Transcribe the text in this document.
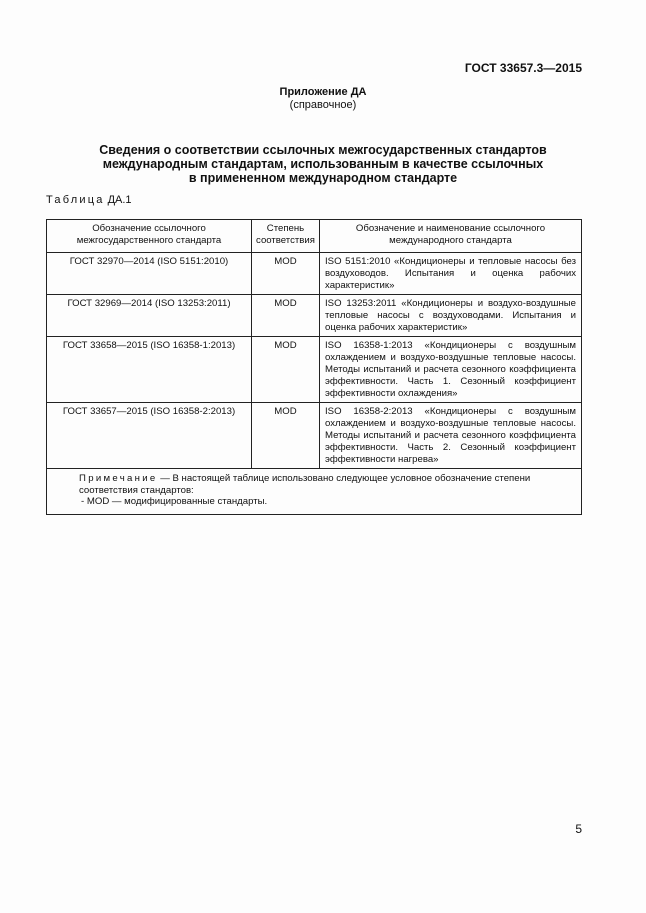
ГОСТ 33657.3—2015
Приложение ДА
(справочное)
Сведения о соответствии ссылочных межгосударственных стандартов
международным стандартам, использованным в качестве ссылочных
в примененном международном стандарте
Таблица ДА.1
Обозначение ссылочного межгосударственного стандарта	Степень соответствия	Обозначение и наименование ссылочного международного стандарта
ГОСТ 32970—2014 (ISO 5151:2010)	MOD	ISO 5151:2010 «Кондиционеры и тепловые насосы без воздуховодов. Испытания и оценка рабочих характеристик»
ГОСТ 32969—2014 (ISO 13253:2011)	MOD	ISO 13253:2011 «Кондиционеры и воздухо-воздушные тепловые насосы с воздуховодами. Испытания и оценка рабочих характеристик»
ГОСТ 33658—2015 (ISO 16358-1:2013)	MOD	ISO 16358-1:2013 «Кондиционеры с воздушным охлаждением и воздухо-воздушные тепловые насосы. Методы испытаний и расчета сезонного коэффициента эффективности. Часть 1. Сезонный коэффициент эффективности охлаждения»
ГОСТ 33657—2015 (ISO 16358-2:2013)	MOD	ISO 16358-2:2013 «Кондиционеры с воздушным охлаждением и воздухо-воздушные тепловые насосы. Методы испытаний и расчета сезонного коэффициента эффективности. Часть 2. Сезонный коэффициент эффективности нагрева»

Примечание — В настоящей таблице использовано следующее условное обозначение степени соответствия стандартов:
- MOD — модифицированные стандарты.		
5
